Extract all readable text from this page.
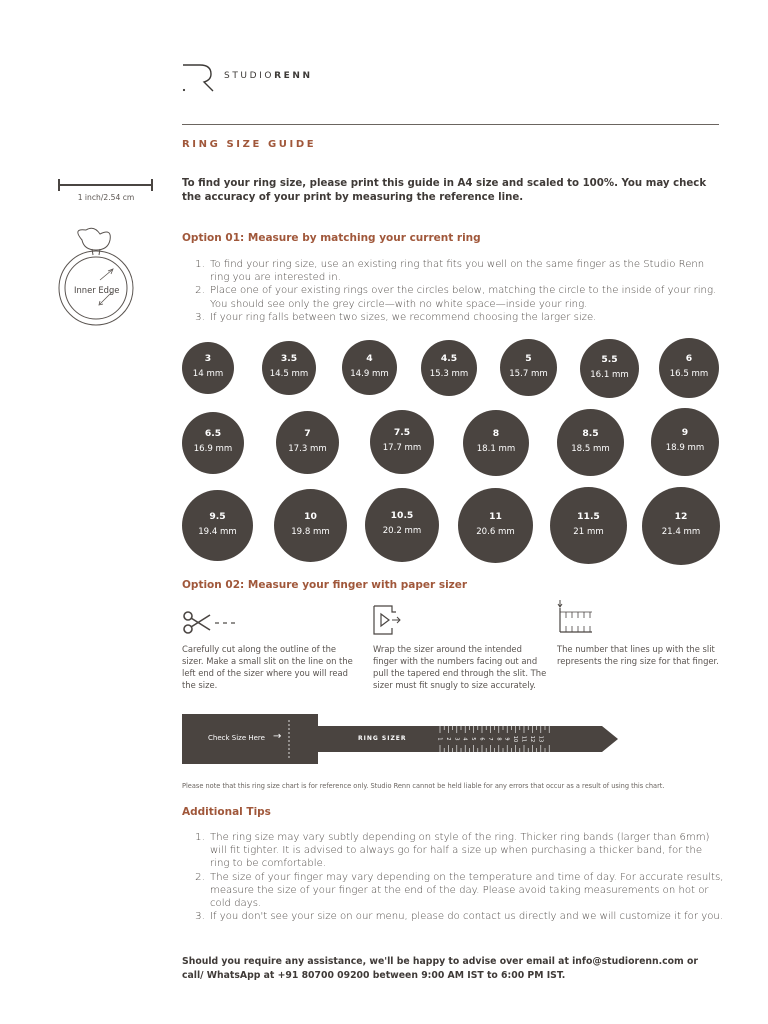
STUDIORENN
RING SIZE GUIDE
1 inch/2.54 cm
To find your ring size, please print this guide in A4 size and scaled to 100%. You may check the accuracy of your print by measuring the reference line.
Inner Edge
Option 01: Measure by matching your current ring
1. To find your ring size, use an existing ring that fits you well on the same finger as the Studio Renn ring you are interested in.
2. Place one of your existing rings over the circles below, matching the circle to the inside of your ring. You should see only the grey circle—with no white space—inside your ring.
3. If your ring falls between two sizes, we recommend choosing the larger size.
3
14 mm
3.5
14.5 mm
4
14.9 mm
4.5
15.3 mm
5
15.7 mm
5.5
16.1 mm
6
16.5 mm
6.5
16.9 mm
7
17.3 mm
7.5
17.7 mm
8
18.1 mm
8.5
18.5 mm
9
18.9 mm
9.5
19.4 mm
10
19.8 mm
10.5
20.2 mm
11
20.6 mm
11.5
21 mm
12
21.4 mm
Option 02: Measure your finger with paper sizer
Carefully cut along the outline of the sizer. Make a small slit on the line on the left end of the sizer where you will read the size.
Wrap the sizer around the intended finger with the numbers facing out and pull the tapered end through the slit. The sizer must fit snugly to size accurately.
The number that lines up with the slit represents the ring size for that finger.
1 2 3 4 5 6 7 8 9 10 11 12 13
Check Size Here →	RING SIZER
Please note that this ring size chart is for reference only. Studio Renn cannot be held liable for any errors that occur as a result of using this chart.
Additional Tips
1. The ring size may vary subtly depending on style of the ring. Thicker ring bands (larger than 6mm) will fit tighter. It is advised to always go for half a size up when purchasing a thicker band, for the ring to be comfortable.
2. The size of your finger may vary depending on the temperature and time of day. For accurate results, measure the size of your finger at the end of the day. Please avoid taking measurements on hot or cold days.
3. If you don't see your size on our menu, please do contact us directly and we will customize it for you.
Should you require any assistance, we'll be happy to advise over email at info@studiorenn.com or call/ WhatsApp at +91 80700 09200 between 9:00 AM IST to 6:00 PM IST.
